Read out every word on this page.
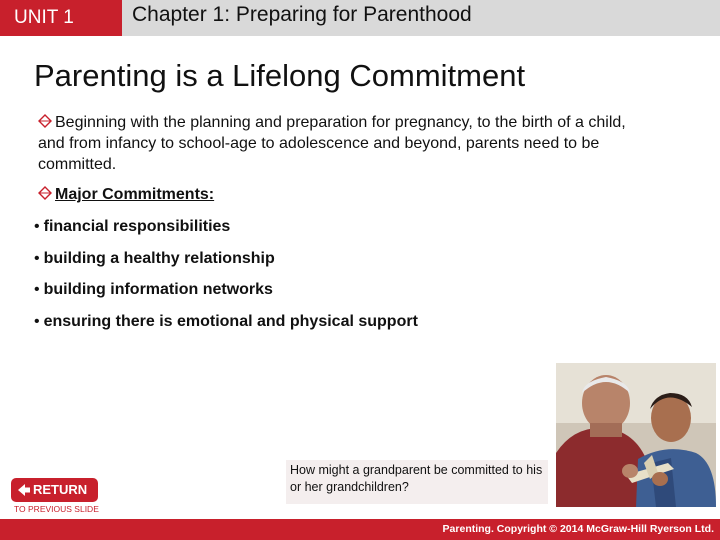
UNIT 1	Chapter 1: Preparing for Parenthood
Parenting is a Lifelong Commitment
Beginning with the planning and preparation for pregnancy, to the birth of a child, and from infancy to school-age to adolescence and beyond, parents need to be committed.
Major Commitments:
• financial responsibilities
• building a healthy relationship
• building information networks
• ensuring there is emotional and physical support
How might a grandparent be committed to his or her grandchildren?
RETURN
TO PREVIOUS SLIDE
Parenting. Copyright © 2014 McGraw-Hill Ryerson Ltd.
